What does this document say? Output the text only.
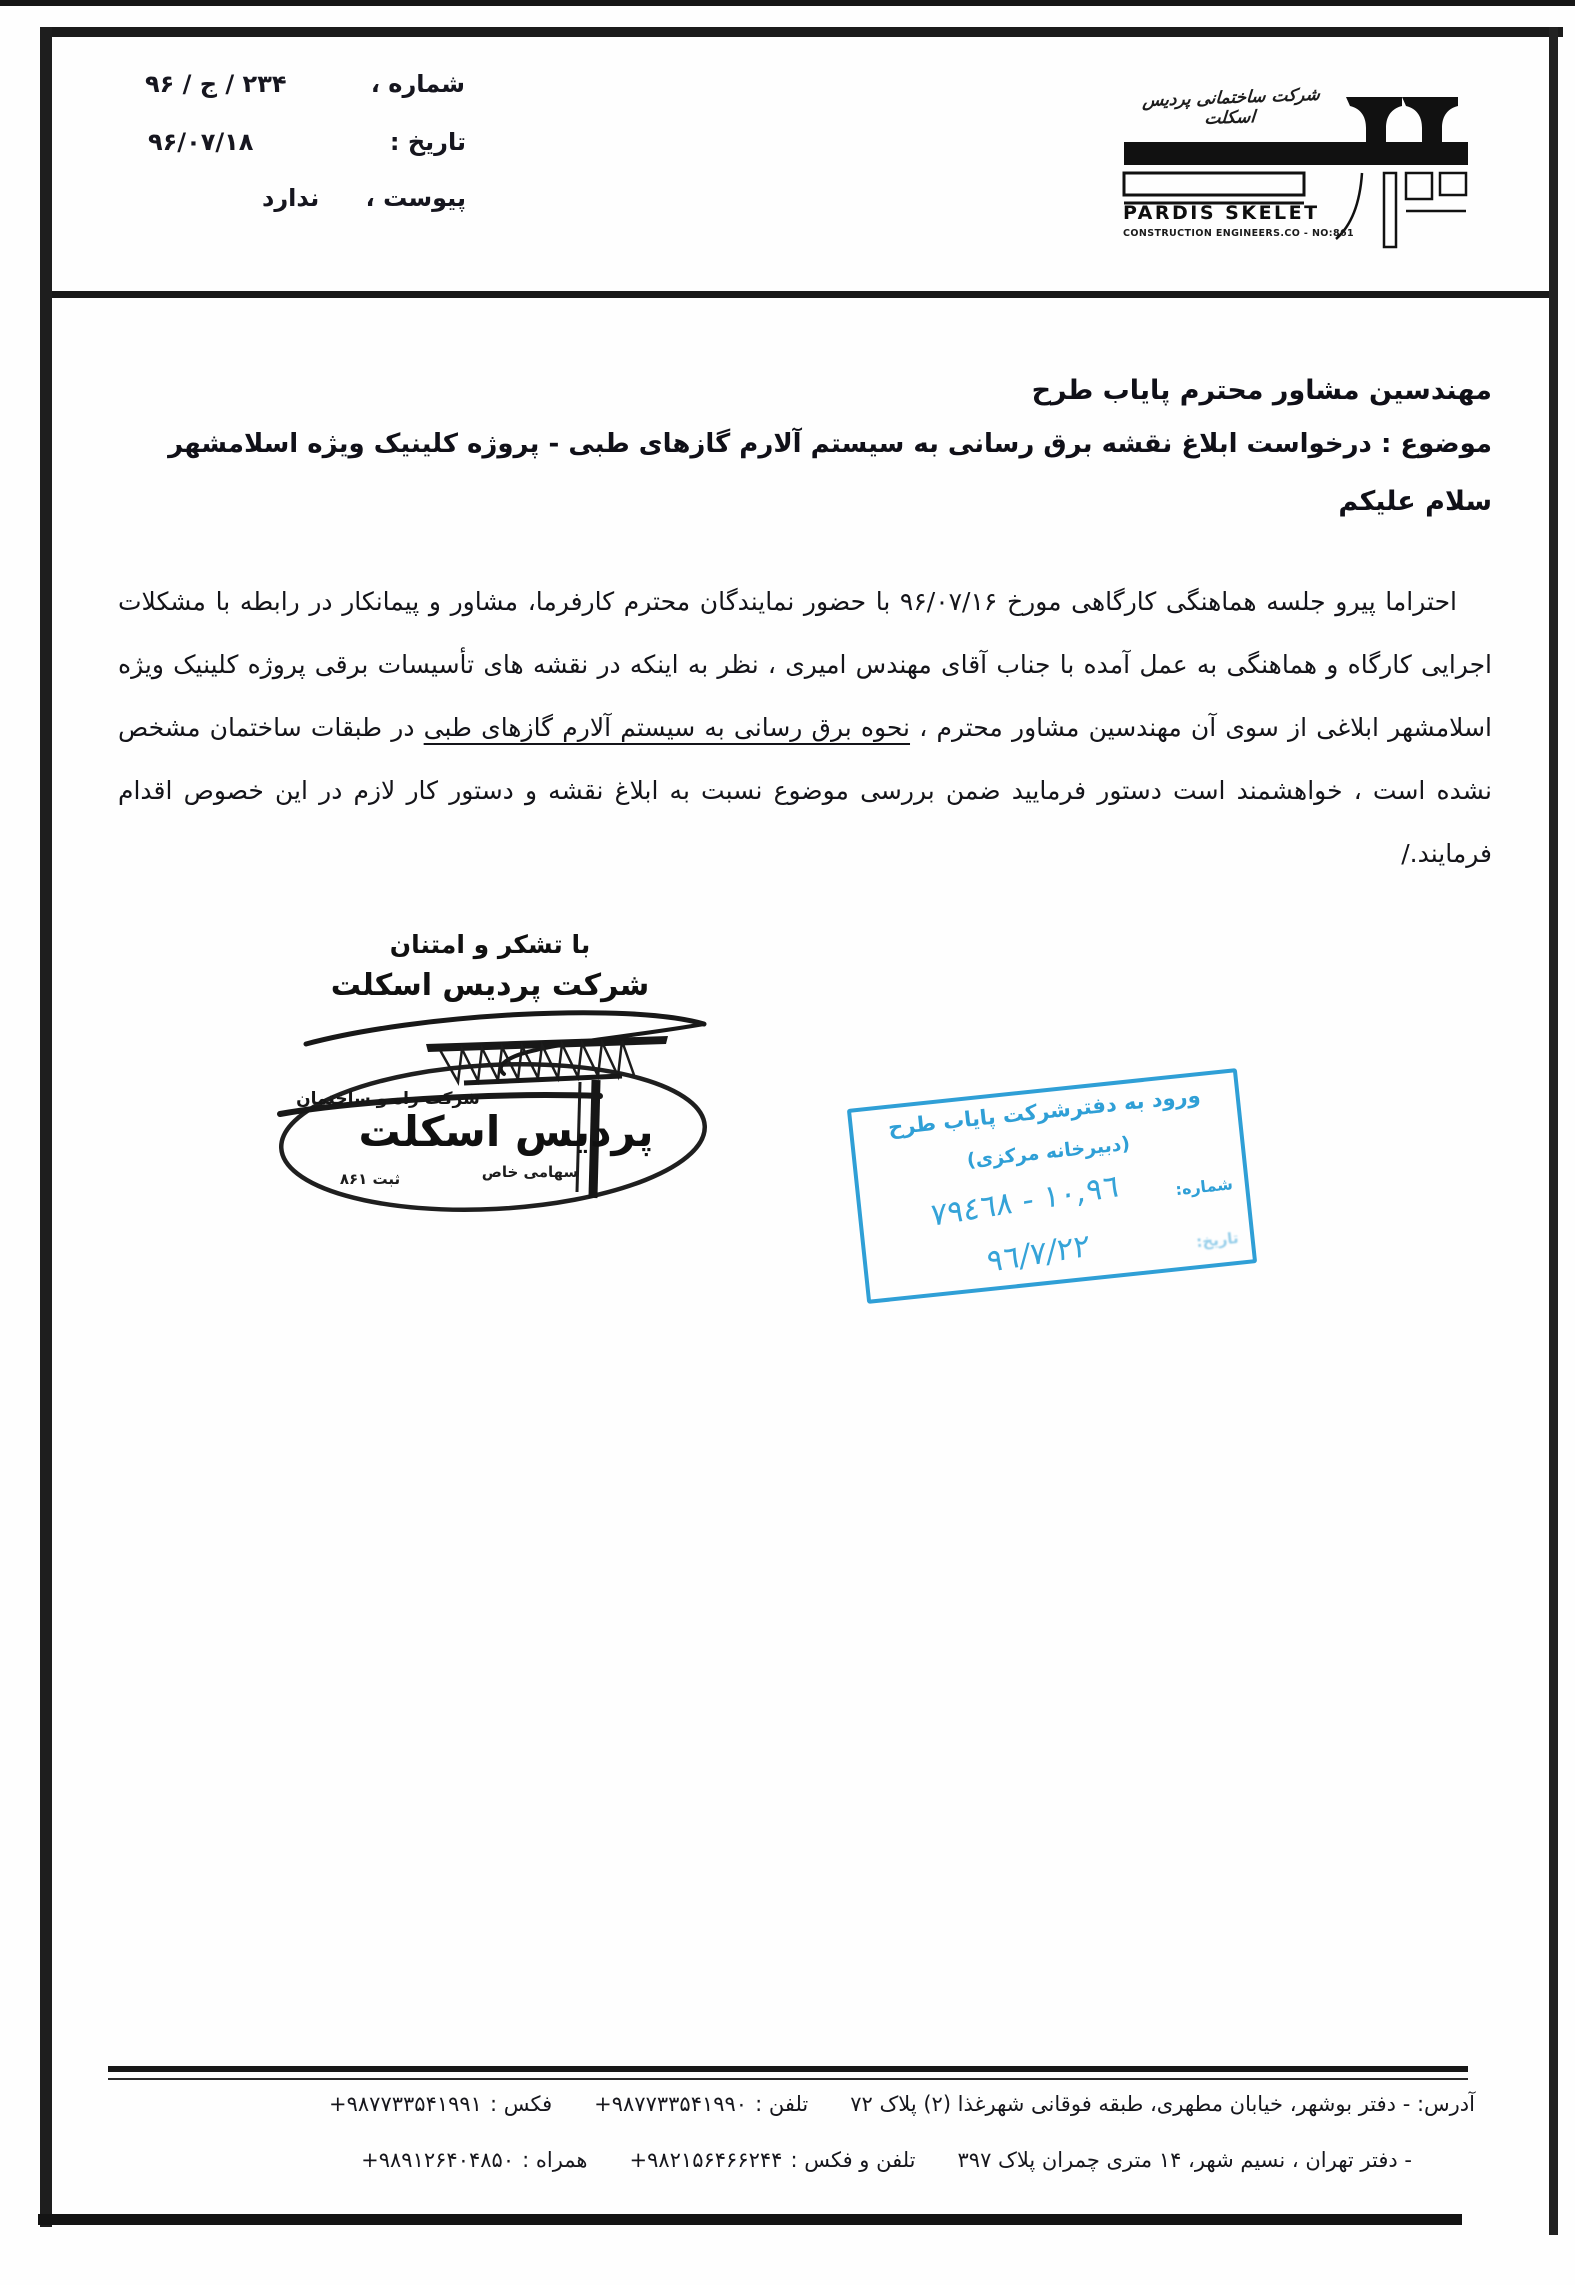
شماره ،
۲۳۴ / ج / ۹۶
تاریخ :
۹۶/۰۷/۱۸
پیوست ،
ندارد
شرکت ساختمانی پردیس اسکلت
PARDIS SKELET
CONSTRUCTION ENGINEERS.CO - NO:861
مهندسین مشاور محترم پایاب طرح
موضوع : درخواست ابلاغ نقشه برق رسانی به سیستم آلارم گازهای طبی - پروژه کلینیک ویژه اسلامشهر
سلام علیکم
احتراما پیرو جلسه هماهنگی کارگاهی مورخ ۹۶/۰۷/۱۶ با حضور نمایندگان محترم کارفرما، مشاور و پیمانکار در رابطه با مشکلات اجرایی کارگاه و هماهنگی به عمل آمده با جناب آقای مهندس امیری ، نظر به اینکه در نقشه های تأسیسات برقی پروژه کلینیک ویژه اسلامشهر ابلاغی از سوی آن مهندسین مشاور محترم ، نحوه برق رسانی به سیستم آلارم گازهای طبی در طبقات ساختمان مشخص نشده است ، خواهشمند است دستور فرمایید ضمن بررسی موضوع نسبت به ابلاغ نقشه و دستور کار لازم در این خصوص اقدام فرمایند./
با تشکر و امتنان
شرکت پردیس اسکلت
شرکت راه و ساختمان
پردیس اسکلت
سهامی خاص
ثبت ۸۶۱
ورود به دفترشرکت پایاب طرح
(دبیرخانه مرکزی)
شماره:
١٠,٩٦ - ٧٩٤٦٨
تاریخ:
٩٦/٧/٢٢
آدرس: - دفتر بوشهر، خیابان مطهری، طبقه فوقانی شهرغذا (۲) پلاک ۷۲
تلفن :
+۹۸۷۷۳۳۵۴۱۹۹۰
فکس :
+۹۸۷۷۳۳۵۴۱۹۹۱
- دفتر تهران ، نسیم شهر، ۱۴ متری چمران پلاک ۳۹۷
تلفن و فکس :
+۹۸۲۱۵۶۴۶۶۲۴۴
همراه :
+۹۸۹۱۲۶۴۰۴۸۵۰
